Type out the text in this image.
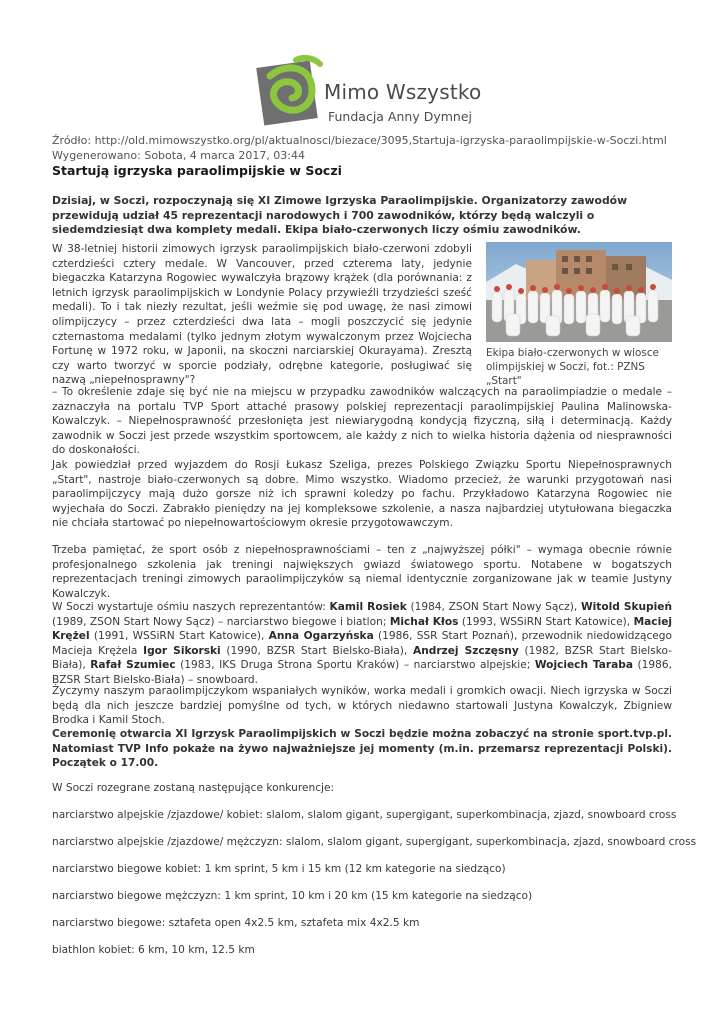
Mimo Wszystko
Fundacja Anny Dymnej
Źródło: http://old.mimowszystko.org/pl/aktualnosci/biezace/3095,Startuja-igrzyska-paraolimpijskie-w-Soczi.html
Wygenerowano: Sobota, 4 marca 2017, 03:44
Startują igrzyska paraolimpijskie w Soczi

Dzisiaj, w Soczi, rozpoczynają się XI Zimowe Igrzyska Paraolimpijskie. Organizatorzy zawodów przewidują udział 45 reprezentacji narodowych i 700 zawodników, którzy będą walczyli o siedemdziesiąt dwa komplety medali. Ekipa biało-czerwonych liczy ośmiu zawodników.

W 38-letniej historii zimowych igrzysk paraolimpijskich biało-czerwoni zdobyli czterdzieści cztery medale. W Vancouver, przed czterema laty, jedynie biegaczka Katarzyna Rogowiec wywalczyła brązowy krążek (dla porównania: z letnich igrzysk paraolimpijskich w Londynie Polacy przywieźli trzydzieści sześć medali). To i tak niezły rezultat, jeśli weźmie się pod uwagę, że nasi zimowi olimpijczycy – przez czterdzieści dwa lata – mogli poszczycić się jedynie czternastoma medalami (tylko jednym złotym wywalczonym przez Wojciecha Fortunę w 1972 roku, w Japonii, na skoczni narciarskiej Okurayama). Zresztą czy warto tworzyć w sporcie podziały, odrębne kategorie, posługiwać się nazwą „niepełnosprawny"?

Ekipa biało-czerwonych w wiosce olimpijskiej w Soczi, fot.: PZNS „Start"

– To określenie zdaje się być nie na miejscu w przypadku zawodników walczących na paraolimpiadzie o medale – zaznaczyła na portalu TVP Sport attaché prasowy polskiej reprezentacji paraolimpijskiej Paulina Malinowska-Kowalczyk. – Niepełnosprawność przesłonięta jest niewiarygodną kondycją fizyczną, siłą i determinacją. Każdy zawodnik w Soczi jest przede wszystkim sportowcem, ale każdy z nich to wielka historia dążenia od niesprawności do doskonałości.

Jak powiedział przed wyjazdem do Rosji Łukasz Szeliga, prezes Polskiego Związku Sportu Niepełnosprawnych „Start", nastroje biało-czerwonych są dobre. Mimo wszystko. Wiadomo przecież, że warunki przygotowań nasi paraolimpijczycy mają dużo gorsze niż ich sprawni koledzy po fachu. Przykładowo Katarzyna Rogowiec nie wyjechała do Soczi. Zabrakło pieniędzy na jej kompleksowe szkolenie, a nasza najbardziej utytułowana biegaczka nie chciała startować po niepełnowartościowym okresie przygotowawczym.

Trzeba pamiętać, że sport osób z niepełnosprawnościami – ten z „najwyższej półki" – wymaga obecnie równie profesjonalnego szkolenia jak treningi największych gwiazd światowego sportu. Notabene w bogatszych reprezentacjach treningi zimowych paraolimpijczyków są niemal identycznie zorganizowane jak w teamie Justyny Kowalczyk.

W Soczi wystartuje ośmiu naszych reprezentantów: Kamil Rosiek (1984, ZSON Start Nowy Sącz), Witold Skupień (1989, ZSON Start Nowy Sącz) – narciarstwo biegowe i biatlon; Michał Kłos (1993, WSSiRN Start Katowice), Maciej Krężel (1991, WSSiRN Start Katowice), Anna Ogarzyńska (1986, SSR Start Poznań), przewodnik niedowidzącego Macieja Krężela Igor Sikorski (1990, BZSR Start Bielsko-Biała), Andrzej Szczęsny (1982, BZSR Start Bielsko-Biała), Rafał Szumiec (1983, IKS Druga Strona Sportu Kraków) – narciarstwo alpejskie; Wojciech Taraba (1986, BZSR Start Bielsko-Biała) – snowboard.

Życzymy naszym paraolimpijczykom wspaniałych wyników, worka medali i gromkich owacji. Niech igrzyska w Soczi będą dla nich jeszcze bardziej pomyślne od tych, w których niedawno startowali Justyna Kowalczyk, Zbigniew Brodka i Kamil Stoch.

Ceremonię otwarcia XI Igrzysk Paraolimpijskich w Soczi będzie można zobaczyć na stronie sport.tvp.pl. Natomiast TVP Info pokaże na żywo najważniejsze jej momenty (m.in. przemarsz reprezentacji Polski). Początek o 17.00.

W Soczi rozegrane zostaną następujące konkurencje:

narciarstwo alpejskie /zjazdowe/ kobiet: slalom, slalom gigant, supergigant, superkombinacja, zjazd, snowboard cross

narciarstwo alpejskie /zjazdowe/ mężczyzn: slalom, slalom gigant, supergigant, superkombinacja, zjazd, snowboard cross

narciarstwo biegowe kobiet: 1 km sprint, 5 km i 15 km (12 km kategorie na siedząco)

narciarstwo biegowe mężczyzn: 1 km sprint, 10 km i 20 km (15 km kategorie na siedząco)

narciarstwo biegowe: sztafeta open 4x2.5 km, sztafeta mix 4x2.5 km

biathlon kobiet: 6 km, 10 km, 12.5 km
